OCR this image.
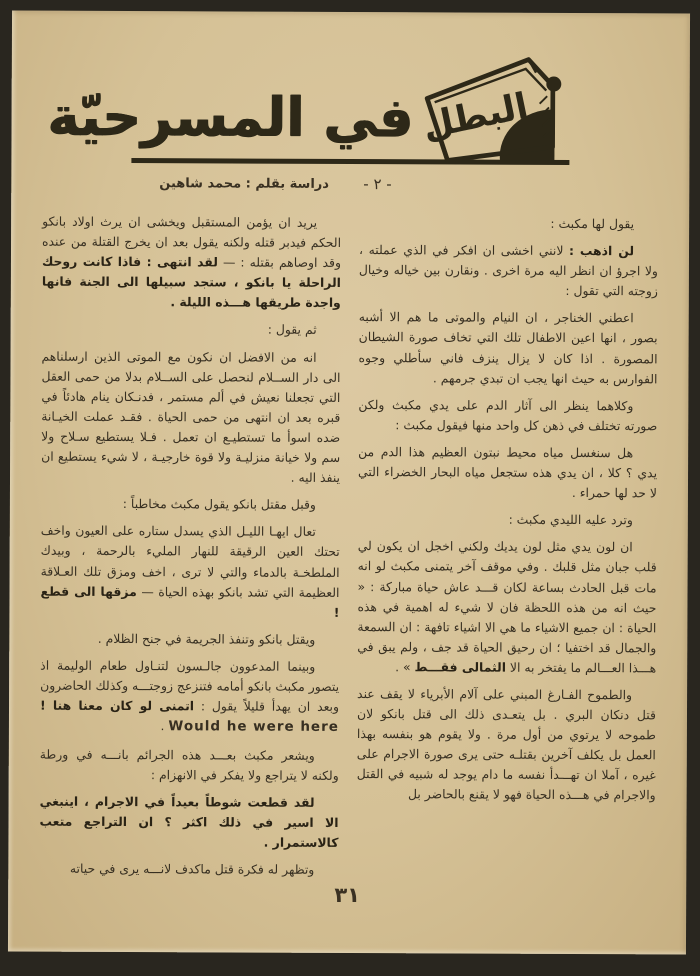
البطل
في المسرحيّة
دراسة بقلم : محمد شاهين - ٢ -

يقول لها مكبث :

لن اذهب : لانني اخشى ان افكر في الذي عملته ، ولا اجرؤ ان انظر اليه مرة اخرى . ونقارن بين خياله وخيال زوجته التي تقول :

اعطني الخناجر ، ان النيام والموتى ما هم الا أشبه بصور ، انها اعين الاطفال تلك التي تخاف صورة الشيطان المصورة . اذا كان لا يزال ينزف فاني سأطلي وجوه الفوارس به حيث انها يجب ان تبدي جرمهم .

وكلاهما ينظر الى آثار الدم على يدي مكبث ولكن صورته تختلف في ذهن كل واحد منها فيقول مكبث :

هل سنغسل مياه محيط نبتون العظيم هذا الدم من يدي ؟ كلا ، ان يدي هذه ستجعل مياه البحار الخضراء التي لا حد لها حمراء .

وترد عليه الليدي مكبث :

ان لون يدي مثل لون يديك ولكني اخجل ان يكون لي قلب جبان مثل قلبك . وفي موقف آخر يتمنى مكبث لو انه مات قبل الحادث بساعة لكان قـــد عاش حياة مباركة : « حيث انه من هذه اللحظة فان لا شيء له اهمية في هذه الحياة : ان جميع الاشياء ما هي الا اشياء تافهة : ان السمعة والجمال قد اختفيا ؛ ان رحيق الحياة قد جف ، ولم يبق في هـــذا العـــالم ما يفتخر به الا الثمالى فقـــط » .

والطموح الفـارغ المبني على آلام الأبرياء لا يقف عند قتل دنكان البري . بل يتعـدى ذلك الى قتل بانكو لان طموحه لا يرتوي من أول مرة . ولا يقوم هو بنفسه بهذا العمل بل يكلف آخرين بقتلـه حتى يرى صورة الاجرام على غيره ، آملا ان تهـــدأ نفسه ما دام يوجد له شبيه في القتل والاجرام في هـــذه الحياة فهو لا يقنع بالحاضر بل

يريد ان يؤمن المستقبل ويخشى ان يرث اولاد بانكو الحكم فيدبر قتله ولكنه يقول بعد ان يخرج القتلة من عنده وقد اوصاهم بقتله : — لقد انتهى : فاذا كانت روحك الراحلة يا بانكو ، ستجد سبيلها الى الجنة فانها واجدة طريقها هـــذه الليلة .

ثم يقول :

انه من الافضل ان نكون مع الموتى الذين ارسلناهم الى دار الســلام لنحصل على الســلام بدلا من حمى العقل التي تجعلنا نعيش في ألم مستمر ، فدنـكان ينام هادئاً في قبره بعد ان انتهى من حمى الحياة . فقـد عملت الخيـانة ضده اسوأ ما تستطيـع ان تعمل . فـلا يستطيع سـلاح ولا سم ولا خيانة منزليـة ولا قوة خارجيـة ، لا شيء يستطيع ان ينفذ اليه .

وقبل مقتل بانكو يقول مكبث مخاطباً :

تعال ايهـا الليـل الذي يسدل ستاره على العيون واخف تحتك العين الرقيقة للنهار المليء بالرحمة ، وبيدك الملطخـة بالدماء والتي لا ترى ، اخف ومزق تلك العـلاقة العظيمة التي تشد بانكو بهذه الحياة — مزقها الى قطع !

ويقتل بانكو وتنفذ الجريمة في جنح الظلام .

وبينما المدعوون جالـسون لتنـاول طعام الوليمة اذ يتصور مكبث بانكو أمامه فتنزعج زوجتـــه وكذلك الحاضرون وبعد ان يهدأ قليلاً يقول : اتمنى لو كان معنا هنا ! Would he were here .

ويشعر مكبث بعـــد هذه الجرائم بانـــه في ورطة ولكنه لا يتراجع ولا يفكر في الانهزام :

لقد قطعت شوطاً بعيداً في الاجرام ، اينبغي الا اسير في ذلك اكثر ؟ ان التراجع متعب كالاستمرار .

وتظهر له فكرة قتل ماكدف لانـــه يرى في حياته

٣١
